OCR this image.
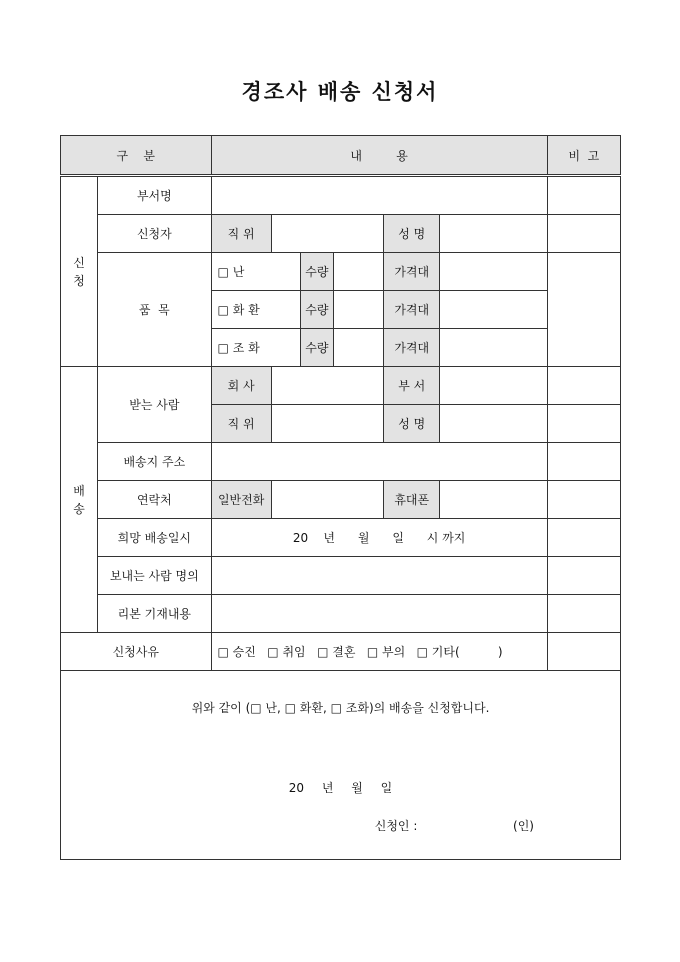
경조사 배송 신청서
구    분		내         용						비  고
신
청	부서명							
	신청자	직 위				성 명		
	품  목	□ 난		수량		가격대		
		□ 화 환		수량		가격대		
		□ 조 화		수량		가격대		
배
송	받는 사람	회 사				부 서		
		직 위				성 명		
	배송지 주소							
	연락처	일반전화				휴대폰		
	희망 배송일시	20    년      월      일      시 까지						
	보내는 사람 명의							
	리본 기재내용							
신청사유		□ 승진   □ 취임   □ 결혼   □ 부의   □ 기타(          )						

위와 같이 (□ 난, □ 화환, □ 조화)의 배송을 신청합니다.
20 년 월 일
신청인 : (인)								
